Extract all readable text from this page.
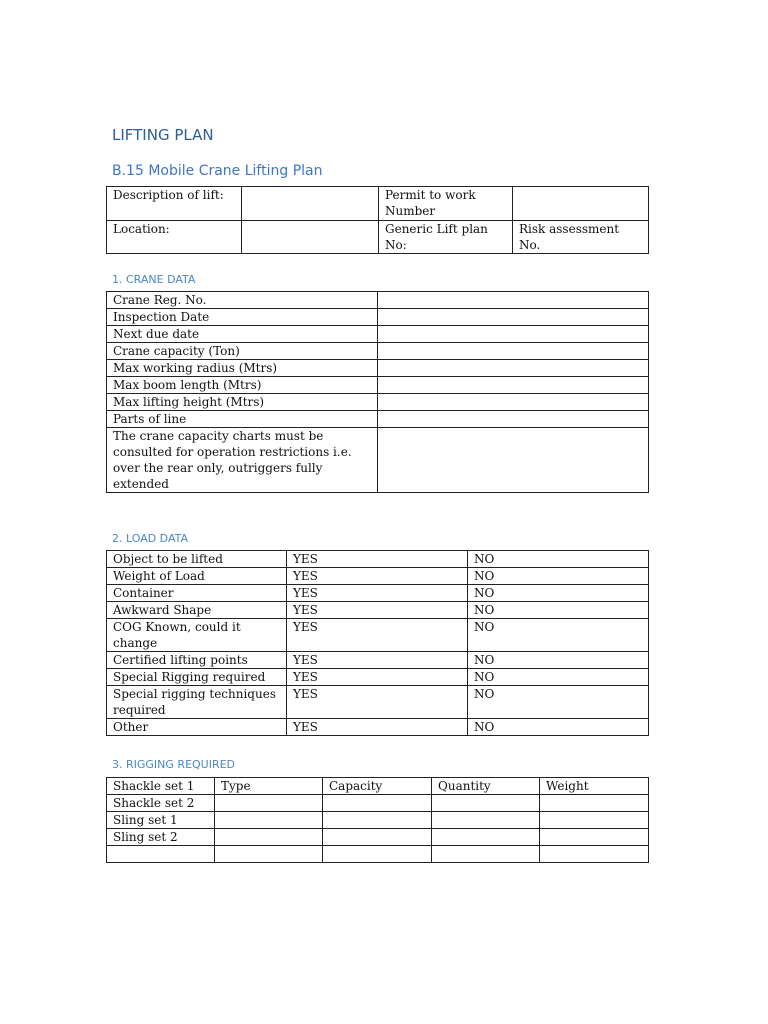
LIFTING PLAN
B.15 Mobile Crane Lifting Plan
Description of lift:		Permit to work Number	
Location:		Generic Lift plan No:	Risk assessment No.
1. CRANE DATA
Crane Reg. No.	
Inspection Date	
Next due date	
Crane capacity (Ton)	
Max working radius (Mtrs)	
Max boom length (Mtrs)	
Max lifting height (Mtrs)	
Parts of line	
The crane capacity charts must be consulted for operation restrictions i.e. over the rear only, outriggers fully extended	
2. LOAD DATA
Object to be lifted	YES	NO
Weight of Load	YES	NO
Container	YES	NO
Awkward Shape	YES	NO
COG Known, could it change	YES	NO
Certified lifting points	YES	NO
Special Rigging required	YES	NO
Special rigging techniques required	YES	NO
Other	YES	NO
3. RIGGING REQUIRED
Shackle set 1	Type	Capacity	Quantity	Weight
Shackle set 2				
Sling set 1				
Sling set 2				
